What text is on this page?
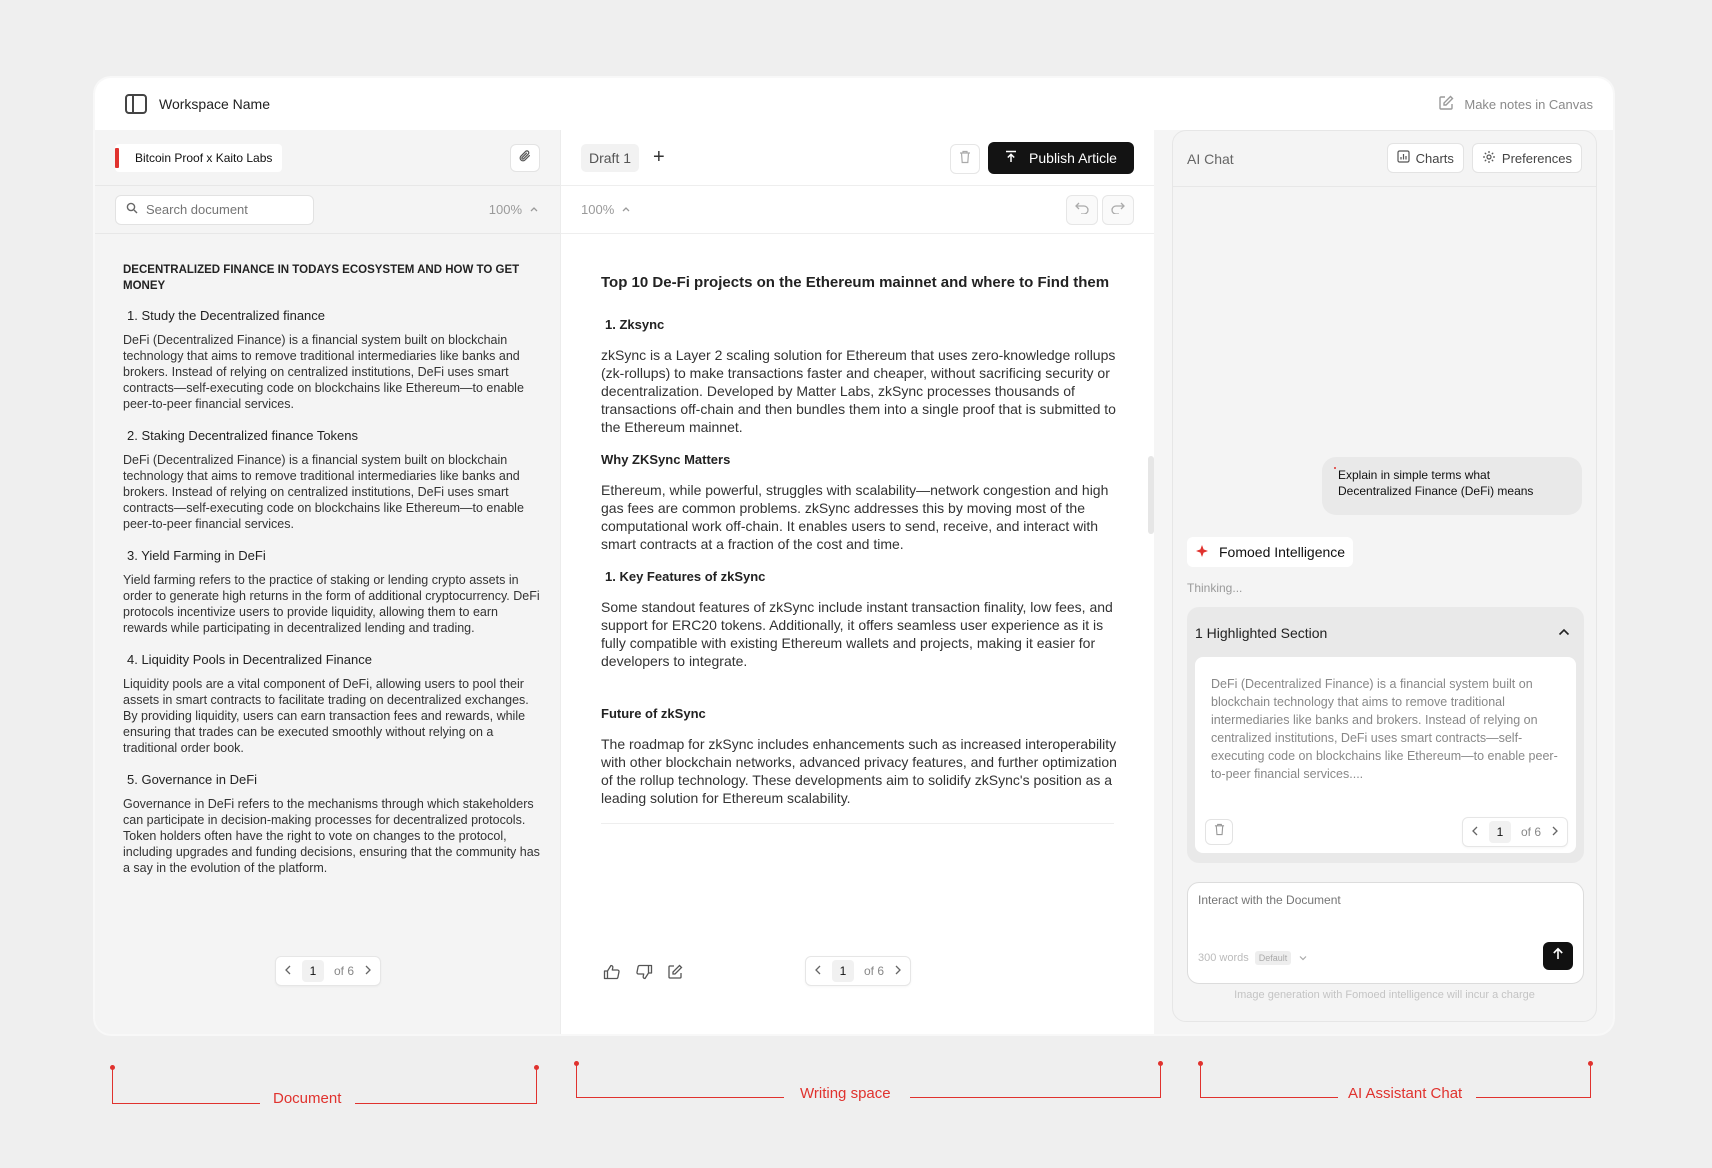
Workspace Name	Make notes in Canvas
Bitcoin Proof x Kaito Labs
Search document
100%
DECENTRALIZED FINANCE IN TODAYS ECOSYSTEM AND HOW TO GET MONEY
1. Study the Decentralized finance
DeFi (Decentralized Finance) is a financial system built on blockchain technology that aims to remove traditional intermediaries like banks and brokers. Instead of relying on centralized institutions, DeFi uses smart contracts—self-executing code on blockchains like Ethereum—to enable peer-to-peer financial services.
2. Staking Decentralized finance Tokens
DeFi (Decentralized Finance) is a financial system built on blockchain technology that aims to remove traditional intermediaries like banks and brokers. Instead of relying on centralized institutions, DeFi uses smart contracts—self-executing code on blockchains like Ethereum—to enable peer-to-peer financial services.
3. Yield Farming in DeFi
Yield farming refers to the practice of staking or lending crypto assets in order to generate high returns in the form of additional cryptocurrency. DeFi protocols incentivize users to provide liquidity, allowing them to earn rewards while participating in decentralized lending and trading.
4. Liquidity Pools in Decentralized Finance
Liquidity pools are a vital component of DeFi, allowing users to pool their assets in smart contracts to facilitate trading on decentralized exchanges. By providing liquidity, users can earn transaction fees and rewards, while ensuring that trades can be executed smoothly without relying on a traditional order book.
5. Governance in DeFi
Governance in DeFi refers to the mechanisms through which stakeholders can participate in decision-making processes for decentralized protocols. Token holders often have the right to vote on changes to the protocol, including upgrades and funding decisions, ensuring that the community has a say in the evolution of the platform.
1	of 6
Draft 1	+	Publish Article
100%
Top 10 De-Fi projects on the Ethereum mainnet and where to Find them
1. Zksync
zkSync is a Layer 2 scaling solution for Ethereum that uses zero-knowledge rollups (zk-rollups) to make transactions faster and cheaper, without sacrificing security or decentralization. Developed by Matter Labs, zkSync processes thousands of transactions off-chain and then bundles them into a single proof that is submitted to the Ethereum mainnet.
Why ZKSync Matters
Ethereum, while powerful, struggles with scalability—network congestion and high gas fees are common problems. zkSync addresses this by moving most of the computational work off-chain. It enables users to send, receive, and interact with smart contracts at a fraction of the cost and time.
1. Key Features of zkSync
Some standout features of zkSync include instant transaction finality, low fees, and support for ERC20 tokens. Additionally, it offers seamless user experience as it is fully compatible with existing Ethereum wallets and projects, making it easier for developers to integrate.
Future of zkSync
The roadmap for zkSync includes enhancements such as increased interoperability with other blockchain networks, advanced privacy features, and further optimization of the rollup technology. These developments aim to solidify zkSync's position as a leading solution for Ethereum scalability.
1	of 6
AI Chat	Charts	Preferences
Explain in simple terms what Decentralized Finance (DeFi) means
Fomoed Intelligence
Thinking...
1 Highlighted Section
DeFi (Decentralized Finance) is a financial system built on blockchain technology that aims to remove traditional intermediaries like banks and brokers. Instead of relying on centralized institutions, DeFi uses smart contracts—self-executing code on blockchains like Ethereum—to enable peer-to-peer financial services....
1	of 6
Interact with the Document
300 words	Default
Image generation with Fomoed intelligence will incur a charge
Document	Writing space	AI Assistant Chat
